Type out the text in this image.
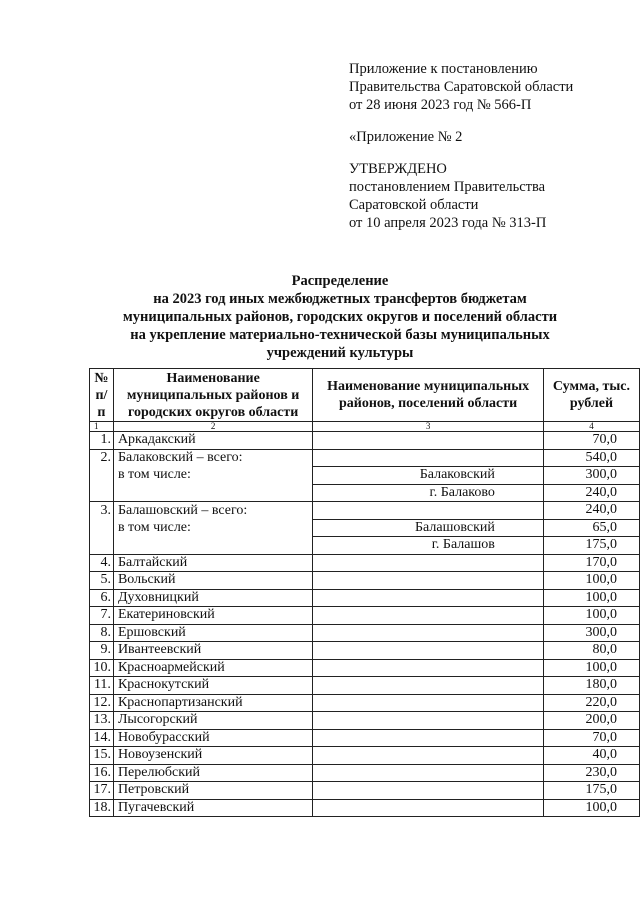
Приложение к постановлению
Правительства Саратовской области
от 28 июня 2023 год № 566-П
«Приложение № 2
УТВЕРЖДЕНО
постановлением Правительства
Саратовской области
от 10 апреля 2023 года № 313-П
Распределение
на 2023 год иных межбюджетных трансфертов бюджетам
муниципальных районов, городских округов и поселений области
на укрепление материально-технической базы муниципальных
учреждений культуры
№ п/п	Наименование муниципальных районов и городских округов области	Наименование муниципальных районов, поселений области	Сумма, тыс. рублей
1	2	3	4
1.	Аркадакский		70,0
2.	Балаковский – всего:		540,0
	в том числе:	Балаковский	300,0
		г. Балаково	240,0
3.	Балашовский – всего:		240,0
	в том числе:	Балашовский	65,0
		г. Балашов	175,0
4.	Балтайский		170,0
5.	Вольский		100,0
6.	Духовницкий		100,0
7.	Екатериновский		100,0
8.	Ершовский		300,0
9.	Ивантеевский		80,0
10.	Красноармейский		100,0
11.	Краснокутский		180,0
12.	Краснопартизанский		220,0
13.	Лысогорский		200,0
14.	Новобурасский		70,0
15.	Новоузенский		40,0
16.	Перелюбский		230,0
17.	Петровский		175,0
18.	Пугачевский		100,0
